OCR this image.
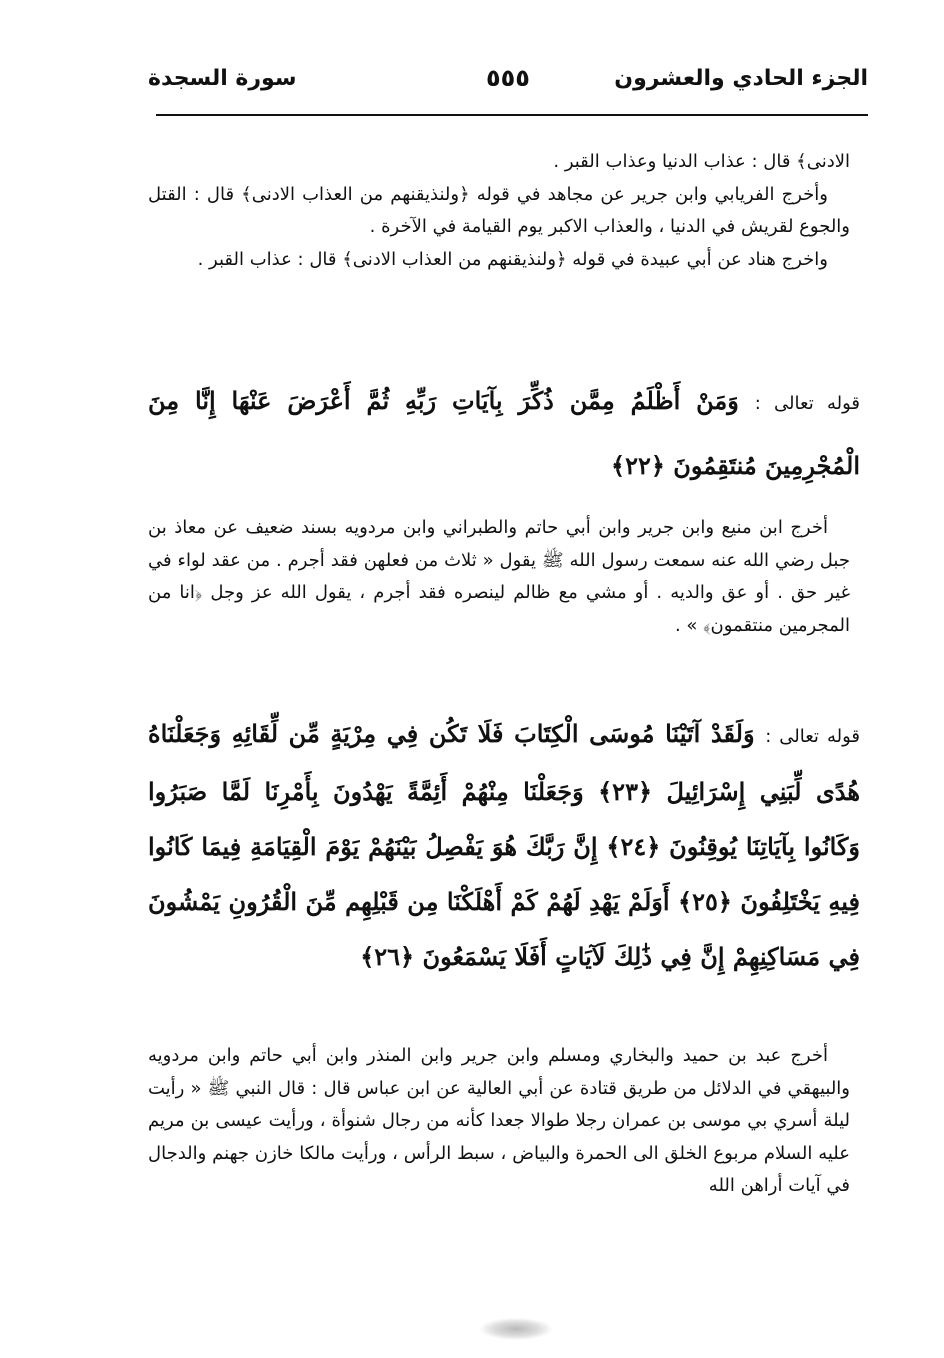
الجزء الحادي والعشرون
٥٥٥
سورة السجدة

الادنى﴾ قال : عذاب الدنيا وعذاب القبر .

وأخرج الفريابي وابن جرير عن مجاهد في قوله ﴿ولنذيقنهم من العذاب الادنى﴾ قال : القتل والجوع لقريش في الدنيا ، والعذاب الاكبر يوم القيامة في الآخرة .

واخرج هناد عن أبي عبيدة في قوله ﴿ولنذيقنهم من العذاب الادنى﴾ قال : عذاب القبر .

قوله تعالى : وَمَنْ أَظْلَمُ مِمَّن ذُكِّرَ بِآيَاتِ رَبِّهِ ثُمَّ أَعْرَضَ عَنْهَا إِنَّا مِنَ الْمُجْرِمِينَ مُنتَقِمُونَ ﴿٢٢﴾

أخرج ابن منيع وابن جرير وابن أبي حاتم والطبراني وابن مردويه بسند ضعيف عن معاذ بن جبل رضي الله عنه سمعت رسول الله ﷺ يقول « ثلاث من فعلهن فقد أجرم . من عقد لواء في غير حق . أو عق والديه . أو مشي مع ظالم لينصره فقد أجرم ، يقول الله عز وجل ﴿انا من المجرمين منتقمون﴾ » .

قوله تعالى : وَلَقَدْ آتَيْنَا مُوسَى الْكِتَابَ فَلَا تَكُن فِي مِرْيَةٍ مِّن لِّقَائِهِ وَجَعَلْنَاهُ هُدًى لِّبَنِي إِسْرَائِيلَ ﴿٢٣﴾ وَجَعَلْنَا مِنْهُمْ أَئِمَّةً يَهْدُونَ بِأَمْرِنَا لَمَّا صَبَرُوا وَكَانُوا بِآيَاتِنَا يُوقِنُونَ ﴿٢٤﴾ إِنَّ رَبَّكَ هُوَ يَفْصِلُ بَيْنَهُمْ يَوْمَ الْقِيَامَةِ فِيمَا كَانُوا فِيهِ يَخْتَلِفُونَ ﴿٢٥﴾ أَوَلَمْ يَهْدِ لَهُمْ كَمْ أَهْلَكْنَا مِن قَبْلِهِم مِّنَ الْقُرُونِ يَمْشُونَ فِي مَسَاكِنِهِمْ إِنَّ فِي ذَٰلِكَ لَآيَاتٍ أَفَلَا يَسْمَعُونَ ﴿٢٦﴾

أخرج عبد بن حميد والبخاري ومسلم وابن جرير وابن المنذر وابن أبي حاتم وابن مردويه والبيهقي في الدلائل من طريق قتادة عن أبي العالية عن ابن عباس قال : قال النبي ﷺ « رأيت ليلة أسري بي موسى بن عمران رجلا طوالا جعدا كأنه من رجال شنوأة ، ورأيت عيسى بن مريم عليه السلام مربوع الخلق الى الحمرة والبياض ، سبط الرأس ، ورأيت مالكا خازن جهنم والدجال في آيات أراهن الله
